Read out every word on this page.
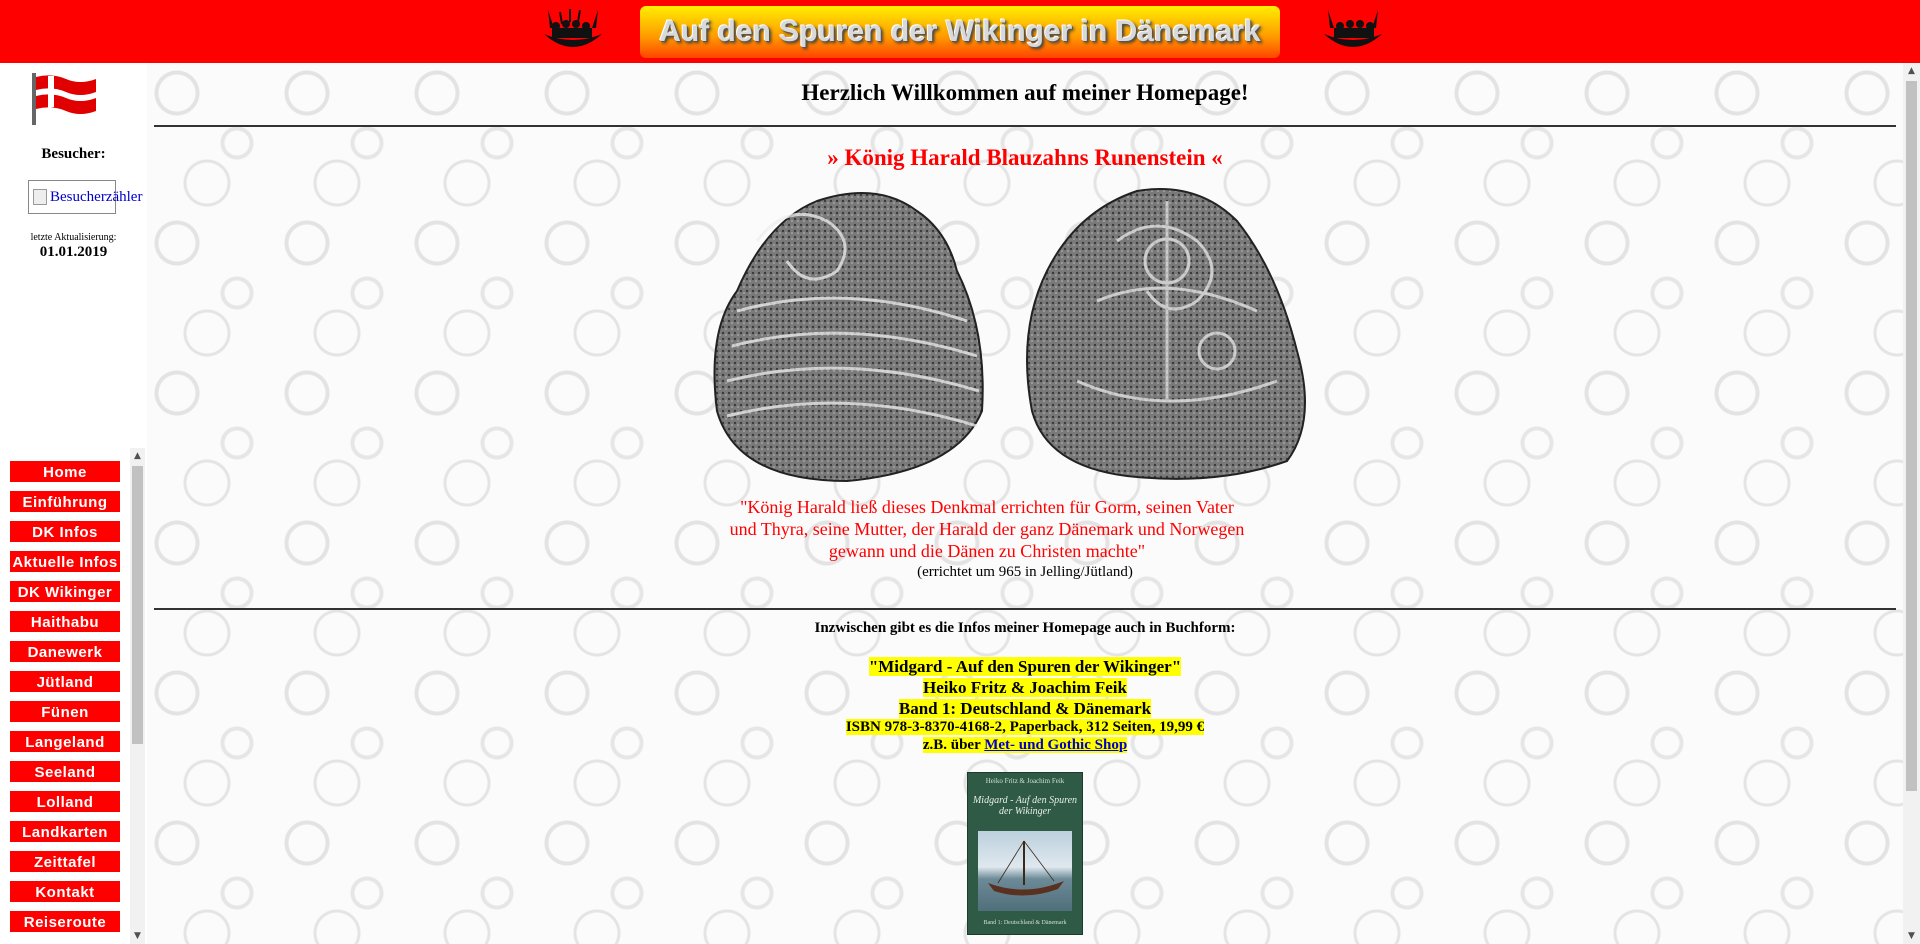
Auf den Spuren der Wikinger in Dänemark
Besucher:
Besucherzähler
letzte Aktualisierung:
01.01.2019
Home
Einführung
DK Infos
Aktuelle Infos
DK Wikinger
Haithabu
Danewerk
Jütland
Fünen
Langeland
Seeland
Lolland
Landkarten
Zeittafel
Kontakt
Reiseroute
▲
▼
Herzlich Willkommen auf meiner Homepage!
» König Harald Blauzahns Runenstein «
"König Harald ließ dieses Denkmal errichten für Gorm, seinen Vater und Thyra, seine Mutter, der Harald der ganz Dänemark und Norwegen gewann und die Dänen zu Christen machte"
(errichtet um 965 in Jelling/Jütland)
Inzwischen gibt es die Infos meiner Homepage auch in Buchform:
"Midgard - Auf den Spuren der Wikinger"
Heiko Fritz & Joachim Feik
Band 1: Deutschland & Dänemark
ISBN 978-3-8370-4168-2, Paperback, 312 Seiten, 19,99 €
z.B. über Met- und Gothic Shop
Heiko Fritz & Joachim Feik
Midgard - Auf den Spuren der Wikinger
Band 1: Deutschland & Dänemark
▲
▼
